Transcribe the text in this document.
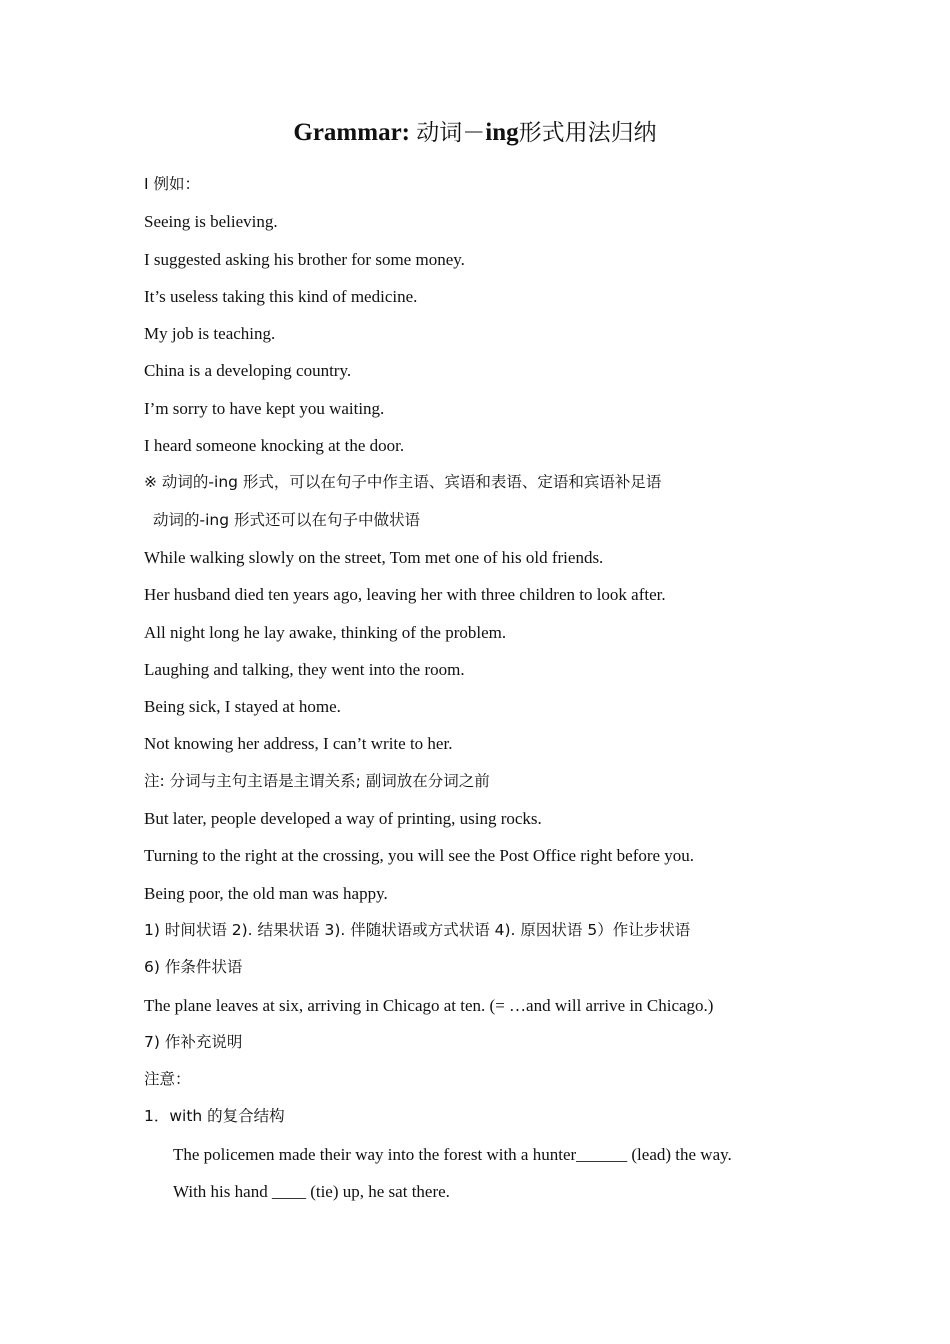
Grammar: 动词－ing形式用法归纳
I 例如：
Seeing is believing.
I suggested asking his brother for some money.
It’s useless taking this kind of medicine.
My job is teaching.
China is a developing country.
I’m sorry to have kept you waiting.
I heard someone knocking at the door.
※ 动词的-ing 形式，可以在句子中作主语、宾语和表语、定语和宾语补足语
动词的-ing 形式还可以在句子中做状语
While walking slowly on the street, Tom met one of his old friends.
Her husband died ten years ago, leaving her with three children to look after.
All night long he lay awake, thinking of the problem.
Laughing and talking, they went into the room.
Being sick, I stayed at home.
Not knowing her address, I can’t write to her.
注: 分词与主句主语是主谓关系; 副词放在分词之前
But later, people developed a way of printing, using rocks.
Turning to the right at the crossing, you will see the Post Office right before you.
Being poor, the old man was happy.
1) 时间状语 2). 结果状语 3). 伴随状语或方式状语 4). 原因状语 5）作让步状语
6) 作条件状语
The plane leaves at six, arriving in Chicago at ten. (= …and will arrive in Chicago.)
7) 作补充说明
注意：
1．with 的复合结构
The policemen made their way into the forest with a hunter______ (lead) the way.
With his hand ____ (tie) up, he sat there.
